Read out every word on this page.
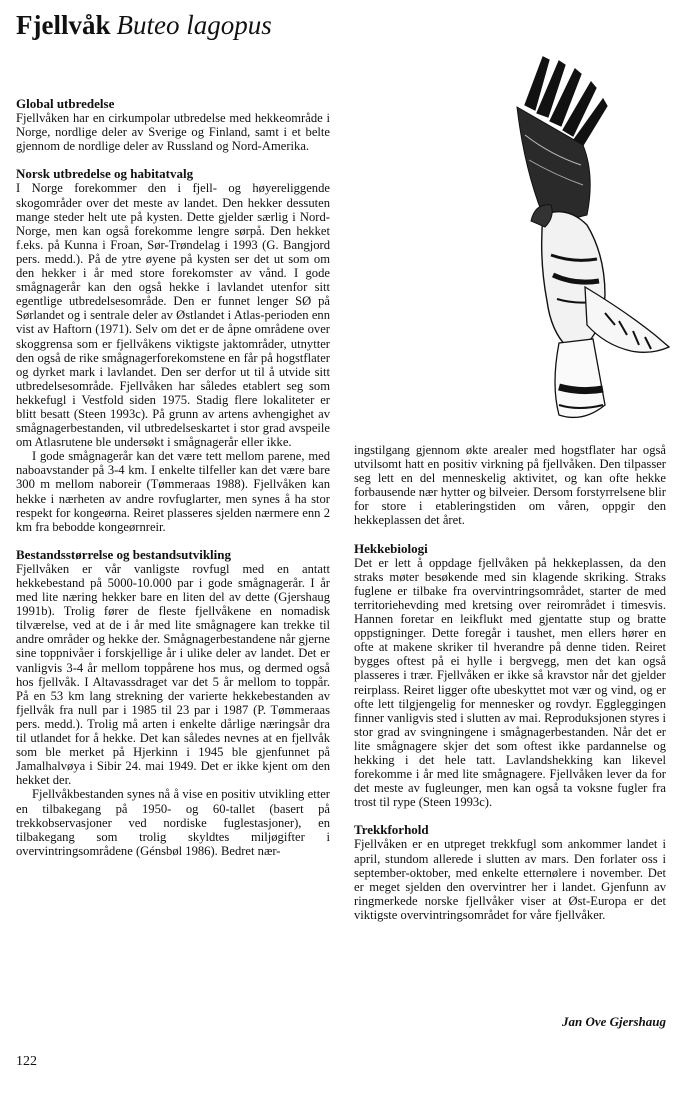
Fjellvåk Buteo lagopus
Global utbredelse

Fjellvåken har en cirkumpolar utbredelse med hekkeområde i Norge, nordlige deler av Sverige og Finland, samt i et belte gjennom de nordlige deler av Russland og Nord-Amerika.

Norsk utbredelse og habitatvalg

I Norge forekommer den i fjell- og høyereliggende skogområder over det meste av landet. Den hekker dessuten mange steder helt ute på kysten. Dette gjelder særlig i Nord-Norge, men kan også forekomme lengre sørpå. Den hekket f.eks. på Kunna i Froan, Sør-Trøndelag i 1993 (G. Bangjord pers. medd.). På de ytre øyene på kysten ser det ut som om den hekker i år med store forekomster av vånd. I gode smågnagerår kan den også hekke i lavlandet utenfor sitt egentlige utbredelsesområde. Den er funnet lenger SØ på Sørlandet og i sentrale deler av Østlandet i Atlas-perioden enn vist av Haftorn (1971). Selv om det er de åpne områdene over skoggrensa som er fjellvåkens viktigste jaktområder, utnytter den også de rike smågnagerforekomstene en får på hogstflater og dyrket mark i lavlandet. Den ser derfor ut til å utvide sitt utbredelsesområde. Fjellvåken har således etablert seg som hekkefugl i Vestfold siden 1975. Stadig flere lokaliteter er blitt besatt (Steen 1993c). På grunn av artens avhengighet av smågnagerbestanden, vil utbredelseskartet i stor grad avspeile om Atlasrutene ble undersøkt i smågnagerår eller ikke.

I gode smågnagerår kan det være tett mellom parene, med naboavstander på 3-4 km. I enkelte tilfeller kan det være bare 300 m mellom naboreir (Tømmeraas 1988). Fjellvåken kan hekke i nærheten av andre rovfuglarter, men synes å ha stor respekt for kongeørna. Reiret plasseres sjelden nærmere enn 2 km fra bebodde kongeørnreir.

Bestandsstørrelse og bestandsutvikling

Fjellvåken er vår vanligste rovfugl med en antatt hekkebestand på 5000-10.000 par i gode smågnagerår. I år med lite næring hekker bare en liten del av dette (Gjershaug 1991b). Trolig fører de fleste fjellvåkene en nomadisk tilværelse, ved at de i år med lite smågnagere kan trekke til andre områder og hekke der. Smågnagerbestandene når gjerne sine toppnivåer i forskjellige år i ulike deler av landet. Det er vanligvis 3-4 år mellom toppårene hos mus, og dermed også hos fjellvåk. I Altavassdraget var det 5 år mellom to toppår. På en 53 km lang strekning der varierte hekkebestanden av fjellvåk fra null par i 1985 til 23 par i 1987 (P. Tømmeraas pers. medd.). Trolig må arten i enkelte dårlige næringsår dra til utlandet for å hekke. Det kan således nevnes at en fjellvåk som ble merket på Hjerkinn i 1945 ble gjenfunnet på Jamalhalvøya i Sibir 24. mai 1949. Det er ikke kjent om den hekket der.

Fjellvåkbestanden synes nå å vise en positiv utvikling etter en tilbakegang på 1950- og 60-tallet (basert på trekkobservasjoner ved nordiske fuglestasjoner), en tilbakegang som trolig skyldtes miljøgifter i overvintringsområdene (Génsbøl 1986). Bedret nær-

ingstilgang gjennom økte arealer med hogstflater har også utvilsomt hatt en positiv virkning på fjellvåken. Den tilpasser seg lett en del menneskelig aktivitet, og kan ofte hekke forbausende nær hytter og bilveier. Dersom forstyrrelsene blir for store i etableringstiden om våren, oppgir den hekkeplassen det året.

Hekkebiologi

Det er lett å oppdage fjellvåken på hekkeplassen, da den straks møter besøkende med sin klagende skriking. Straks fuglene er tilbake fra overvintringsområdet, starter de med territoriehevding med kretsing over reirområdet i timesvis. Hannen foretar en leikflukt med gjentatte stup og bratte oppstigninger. Dette foregår i taushet, men ellers hører en ofte at makene skriker til hverandre på denne tiden. Reiret bygges oftest på ei hylle i bergvegg, men det kan også plasseres i trær. Fjellvåken er ikke så kravstor når det gjelder reirplass. Reiret ligger ofte ubeskyttet mot vær og vind, og er ofte lett tilgjengelig for mennesker og rovdyr. Eggleggingen finner vanligvis sted i slutten av mai. Reproduksjonen styres i stor grad av svingningene i smågnagerbestanden. Når det er lite smågnagere skjer det som oftest ikke pardannelse og hekking i det hele tatt. Lavlandshekking kan likevel forekomme i år med lite smågnagere. Fjellvåken lever da for det meste av fugleunger, men kan også ta voksne fugler fra trost til rype (Steen 1993c).

Trekkforhold

Fjellvåken er en utpreget trekkfugl som ankommer landet i april, stundom allerede i slutten av mars. Den forlater oss i september-oktober, med enkelte etternølere i november. Det er meget sjelden den overvintrer her i landet. Gjenfunn av ringmerkede norske fjellvåker viser at Øst-Europa er det viktigste overvintringsområdet for våre fjellvåker.

Jan Ove Gjershaug
122
